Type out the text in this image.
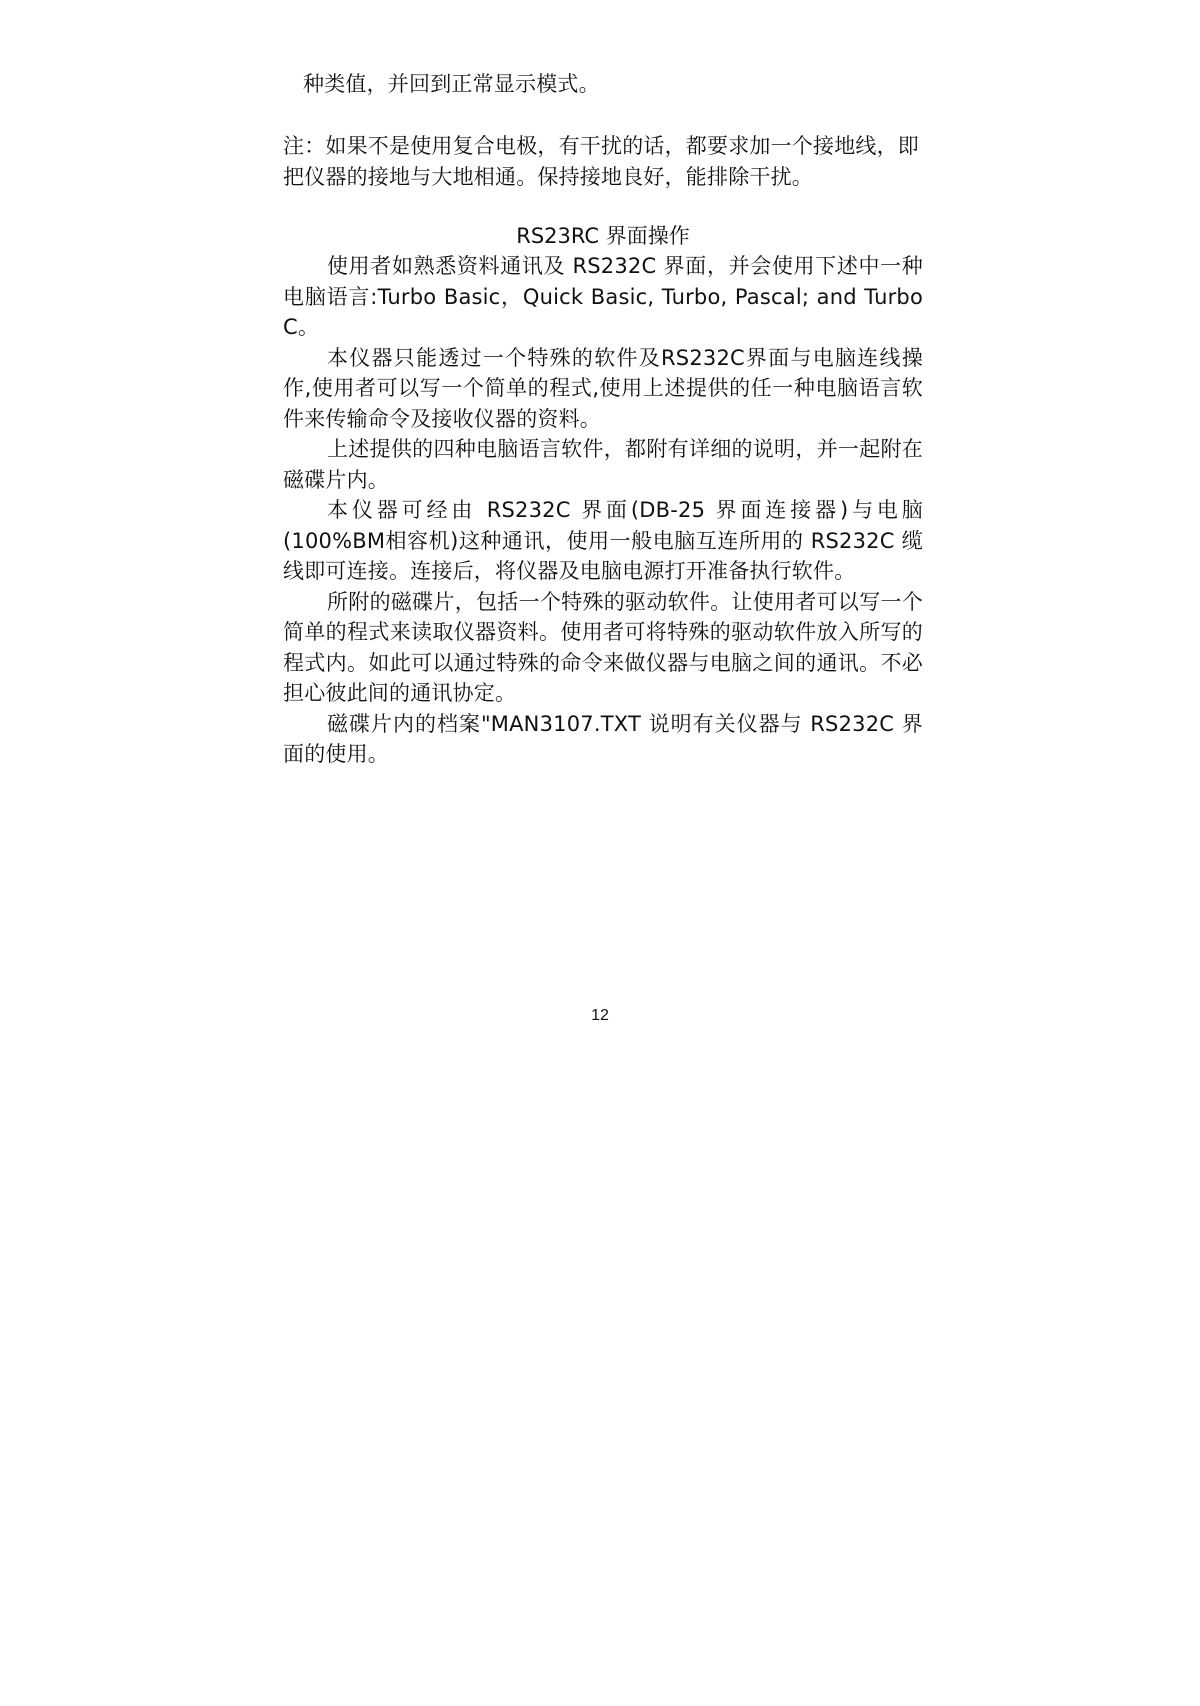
种类值，并回到正常显示模式。

注：如果不是使用复合电极，有干扰的话，都要求加一个接地线，即

把仪器的接地与大地相通。保持接地良好，能排除干扰。

RS23RC 界面操作

使用者如熟悉资料通讯及 RS232C 界面，并会使用下述中一种电脑语言:Turbo Basic，Quick Basic, Turbo, Pascal; and Turbo C。

本仪器只能透过一个特殊的软件及RS232C界面与电脑连线操作,使用者可以写一个简单的程式,使用上述提供的任一种电脑语言软件来传输命令及接收仪器的资料。

上述提供的四种电脑语言软件，都附有详细的说明，并一起附在磁碟片内。

本仪器可经由 RS232C 界面(DB-25 界面连接器)与电脑(100%BM相容机)这种通讯，使用一般电脑互连所用的 RS232C 缆线即可连接。连接后，将仪器及电脑电源打开准备执行软件。

所附的磁碟片，包括一个特殊的驱动软件。让使用者可以写一个简单的程式来读取仪器资料。使用者可将特殊的驱动软件放入所写的程式内。如此可以通过特殊的命令来做仪器与电脑之间的通讯。不必担心彼此间的通讯协定。

磁碟片内的档案"MAN3107.TXT 说明有关仪器与 RS232C 界面的使用。

12
